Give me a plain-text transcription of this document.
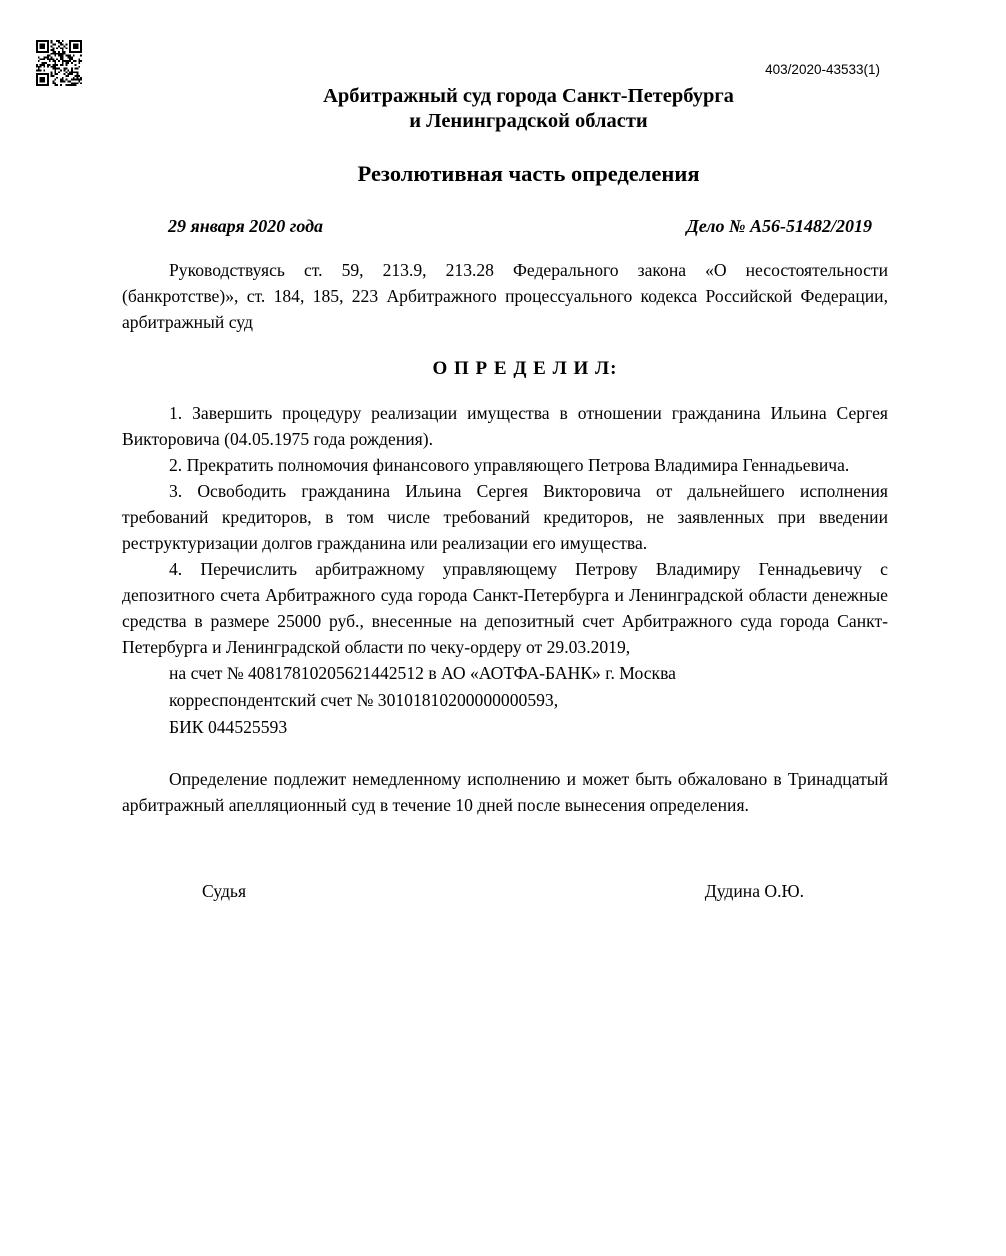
403/2020-43533(1)

Арбитражный суд города Санкт-Петербурга

и Ленинградской области

Резолютивная часть определения

29 января 2020 года	Дело № А56-51482/2019

Руководствуясь ст. 59, 213.9, 213.28 Федерального закона «О несостоятельности (банкротстве)», ст. 184, 185, 223 Арбитражного процессуального кодекса Российской Федерации, арбитражный суд

О П Р Е Д Е Л И Л:

1. Завершить процедуру реализации имущества в отношении гражданина Ильина Сергея Викторовича (04.05.1975 года рождения).

2. Прекратить полномочия финансового управляющего Петрова Владимира Геннадьевича.

3. Освободить гражданина Ильина Сергея Викторовича от дальнейшего исполнения требований кредиторов, в том числе требований кредиторов, не заявленных при введении реструктуризации долгов гражданина или реализации его имущества.

4. Перечислить арбитражному управляющему Петрову Владимиру Геннадьевичу с депозитного счета Арбитражного суда города Санкт-Петербурга и Ленинградской области денежные средства в размере 25000 руб., внесенные на депозитный счет Арбитражного суда города Санкт-Петербурга и Ленинградской области по чеку-ордеру от 29.03.2019,

на счет № 40817810205621442512 в АО «АОТФА-БАНК» г. Москва

корреспондентский счет № 30101810200000000593,

БИК 044525593

Определение подлежит немедленному исполнению и может быть обжаловано в Тринадцатый арбитражный апелляционный суд в течение 10 дней после вынесения определения.

Судья	Дудина О.Ю.
